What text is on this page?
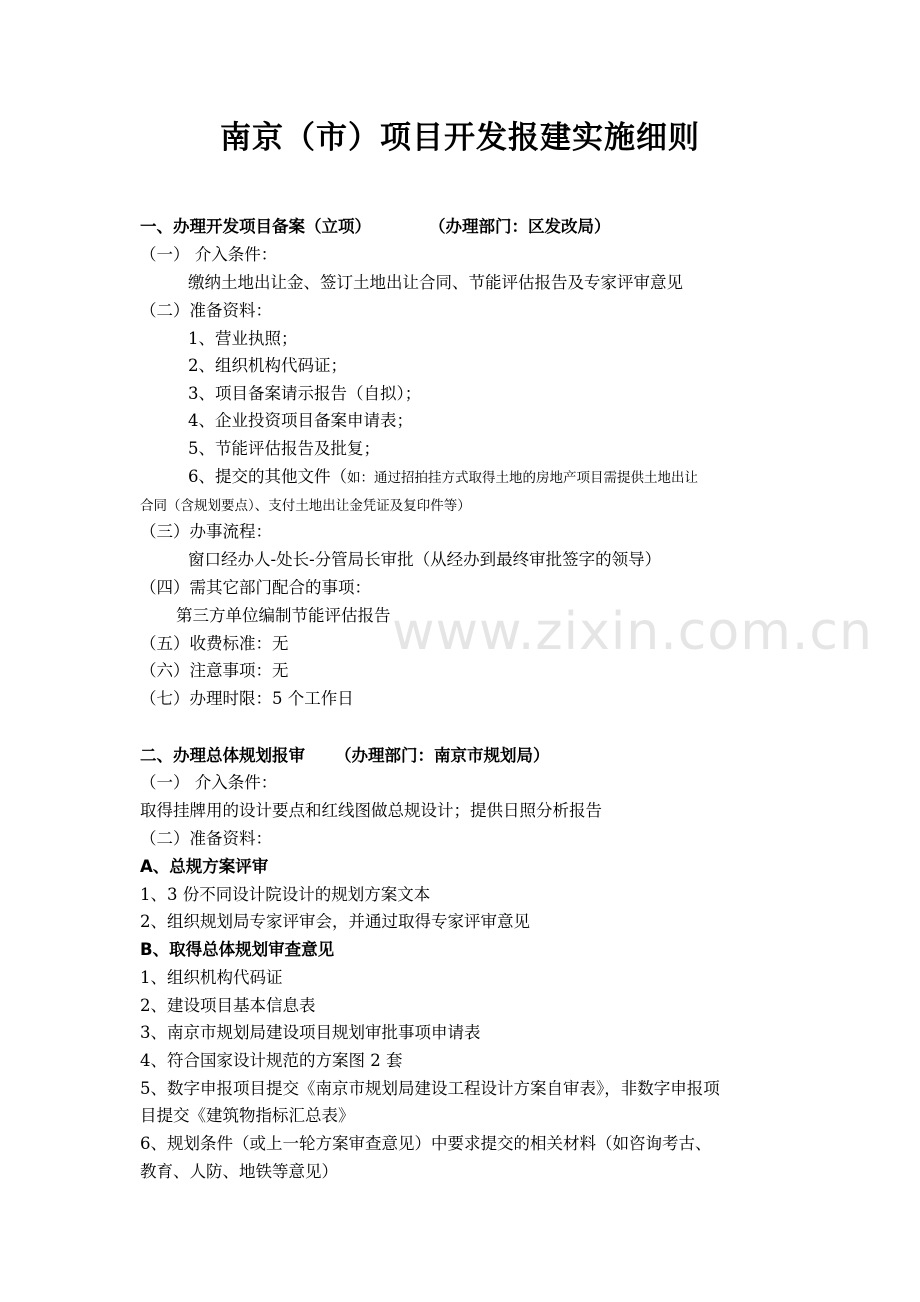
南京（市）项目开发报建实施细则
www.zixin.com.cn
一、办理开发项目备案（立项）	（办理部门：区发改局）
（一） 介入条件：
缴纳土地出让金、签订土地出让合同、节能评估报告及专家评审意见
（二）准备资料：
1、营业执照；
2、组织机构代码证；
3、项目备案请示报告（自拟）；
4、企业投资项目备案申请表；
5、节能评估报告及批复；
6、提交的其他文件（如：通过招拍挂方式取得土地的房地产项目需提供土地出让
合同（含规划要点）、支付土地出让金凭证及复印件等）
（三）办事流程：
窗口经办人-处长-分管局长审批（从经办到最终审批签字的领导）
（四）需其它部门配合的事项：
第三方单位编制节能评估报告
（五）收费标准：无
（六）注意事项：无
（七）办理时限：5 个工作日
二、办理总体规划报审 （办理部门：南京市规划局）
（一） 介入条件：
取得挂牌用的设计要点和红线图做总规设计；提供日照分析报告
（二）准备资料：
A、总规方案评审
1、3 份不同设计院设计的规划方案文本
2、组织规划局专家评审会，并通过取得专家评审意见
B、取得总体规划审查意见
1、组织机构代码证
2、建设项目基本信息表
3、南京市规划局建设项目规划审批事项申请表
4、符合国家设计规范的方案图 2 套
5、数字申报项目提交《南京市规划局建设工程设计方案自审表》，非数字申报项
目提交《建筑物指标汇总表》
6、规划条件（或上一轮方案审查意见）中要求提交的相关材料（如咨询考古、
教育、人防、地铁等意见）
